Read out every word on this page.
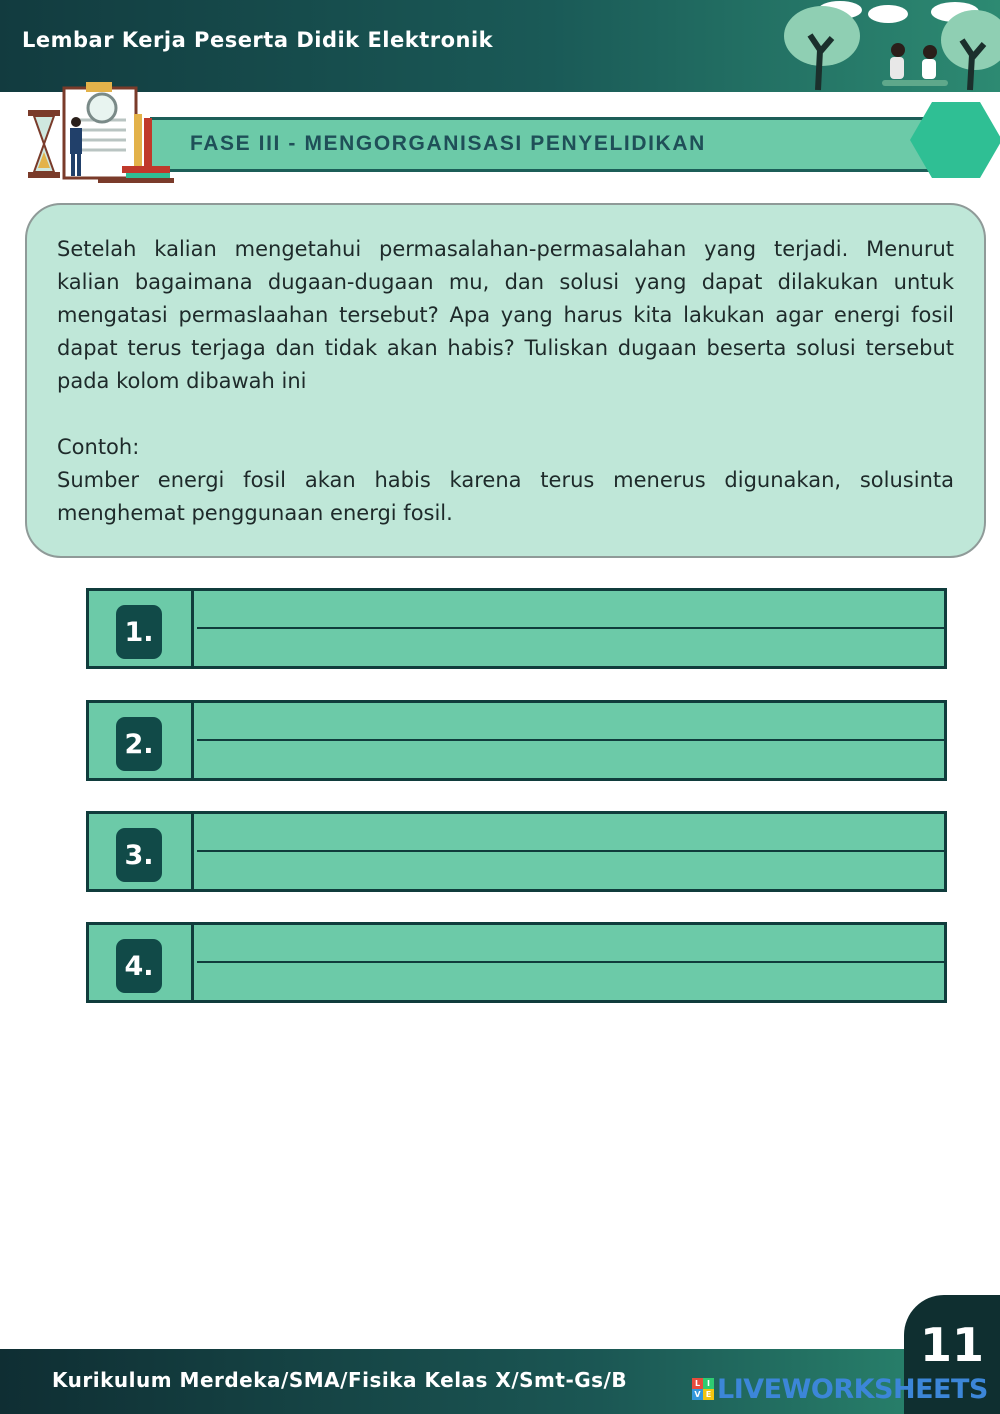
Lembar Kerja Peserta Didik Elektronik
FASE III - MENGORGANISASI PENYELIDIKAN

Setelah kalian mengetahui permasalahan-permasalahan yang terjadi. Menurut kalian bagaimana dugaan-dugaan mu, dan solusi yang dapat dilakukan untuk mengatasi permaslaahan tersebut? Apa yang harus kita lakukan agar energi fosil dapat terus terjaga dan tidak akan habis? Tuliskan dugaan beserta solusi tersebut pada kolom dibawah ini

Contoh:

Sumber energi fosil akan habis karena terus menerus digunakan, solusinta menghemat penggunaan energi fosil.

1.
2.
3.
4.
Kurikulum Merdeka/SMA/Fisika Kelas X/Smt-Gs/B
11
L I
V E LIVEWORKSHEETS
